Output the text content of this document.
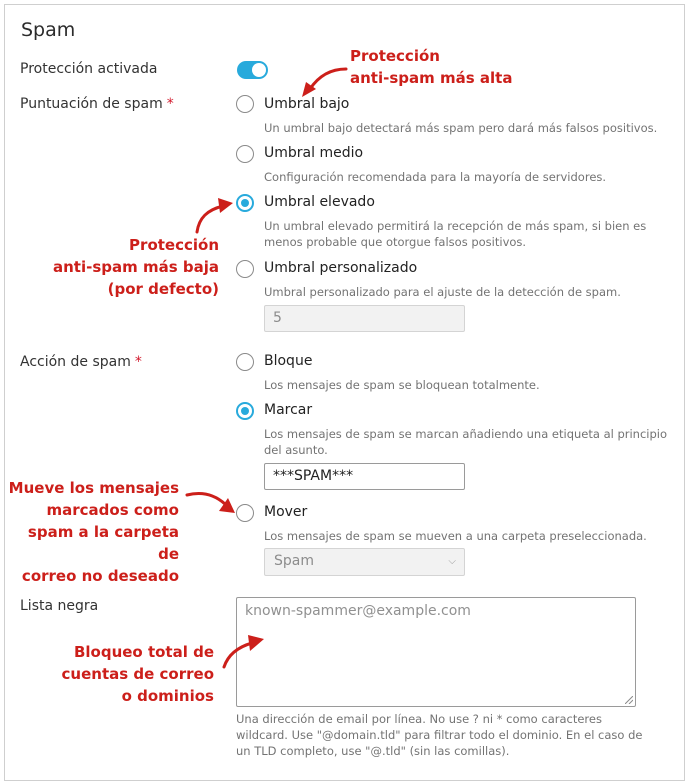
Spam
Protección activada
Puntuación de spam *	Umbral bajo
Un umbral bajo detectará más spam pero dará más falsos positivos.
Umbral medio
Configuración recomendada para la mayoría de servidores.
Umbral elevado
Un umbral elevado permitirá la recepción de más spam, si bien es
menos probable que otorgue falsos positivos.
Umbral personalizado
Umbral personalizado para el ajuste de la detección de spam.
5
Acción de spam *	Bloque
Los mensajes de spam se bloquean totalmente.
Marcar
Los mensajes de spam se marcan añadiendo una etiqueta al principio
del asunto.
***SPAM***
Mover
Los mensajes de spam se mueven a una carpeta preseleccionada.
Spam	⌵
Lista negra	known-spammer@example.com
Una dirección de email por línea. No use ? ni * como caracteres
wildcard. Use "@domain.tld" para filtrar todo el dominio. En el caso de
un TLD completo, use "@.tld" (sin las comillas).
Protección
anti-spam más alta
Protección
anti-spam más baja
(por defecto)
Mueve los mensajes
marcados como
spam a la carpeta de
correo no deseado
Bloqueo total de
cuentas de correo
o dominios
